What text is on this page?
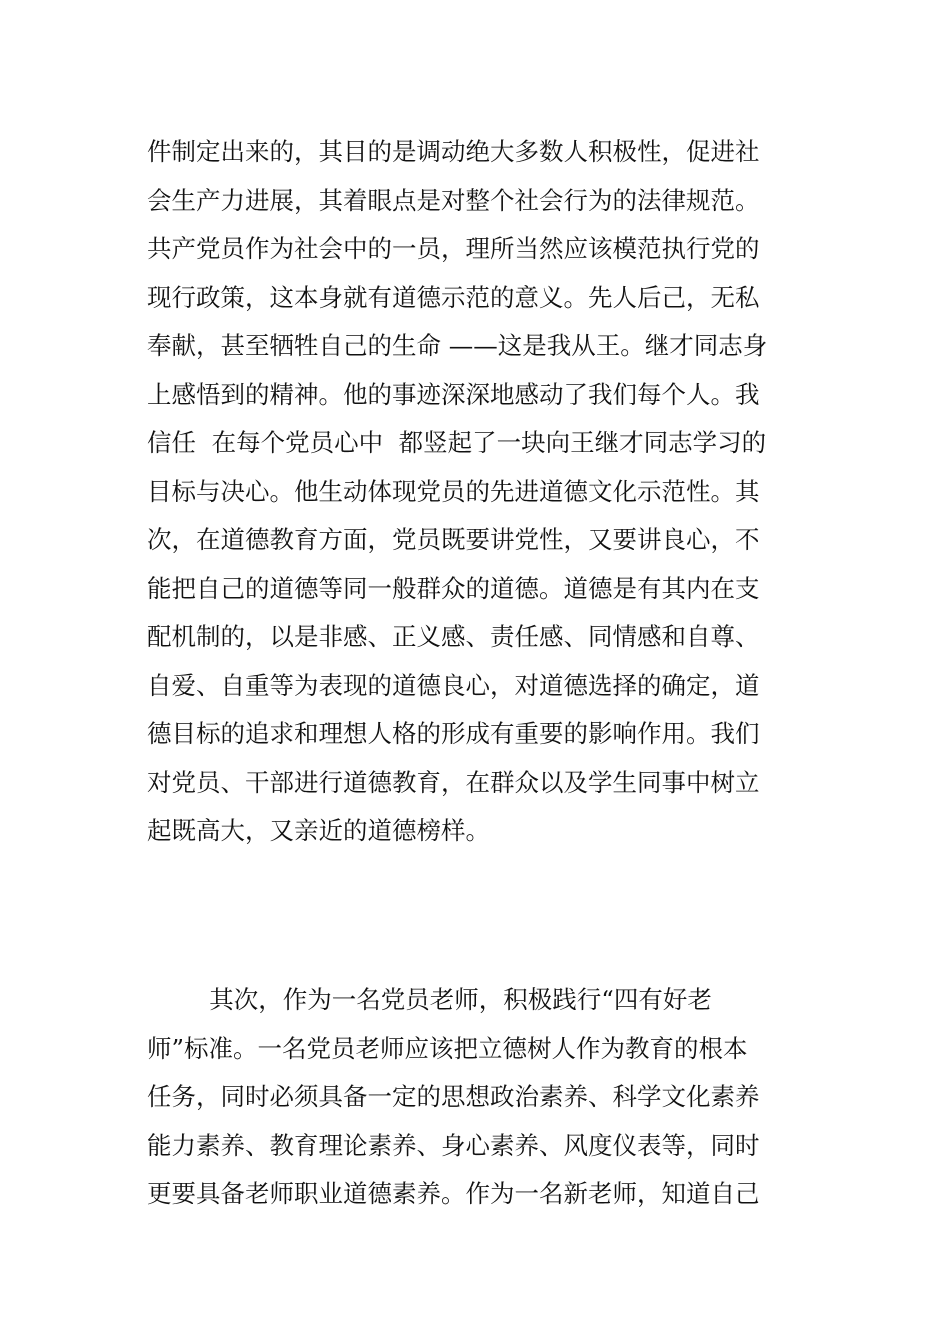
件制定出来的，其目的是调动绝大多数人积极性，促进社
会生产力进展，其着眼点是对整个社会行为的法律规范。
共产党员作为社会中的一员，理所当然应该模范执行党的
现行政策，这本身就有道德示范的意义。先人后己，无私
奉献，甚至牺牲自己的生命 ——这是我从王。继才同志身
上感悟到的精神。他的事迹深深地感动了我们每个人。我
信任  在每个党员心中  都竖起了一块向王继才同志学习的
目标与决心。他生动体现党员的先进道德文化示范性。其
次，在道德教育方面，党员既要讲党性，又要讲良心，不
能把自己的道德等同一般群众的道德。道德是有其内在支
配机制的，以是非感、正义感、责任感、同情感和自尊、
自爱、自重等为表现的道德良心，对道德选择的确定，道
德目标的追求和理想人格的形成有重要的影响作用。我们
对党员、干部进行道德教育，在群众以及学生同事中树立
起既高大，又亲近的道德榜样。
其次，作为一名党员老师，积极践行“四有好老
师”标准。一名党员老师应该把立德树人作为教育的根本
任务，同时必须具备一定的思想政治素养、科学文化素养
能力素养、教育理论素养、身心素养、风度仪表等，同时
更要具备老师职业道德素养。作为一名新老师，知道自己
